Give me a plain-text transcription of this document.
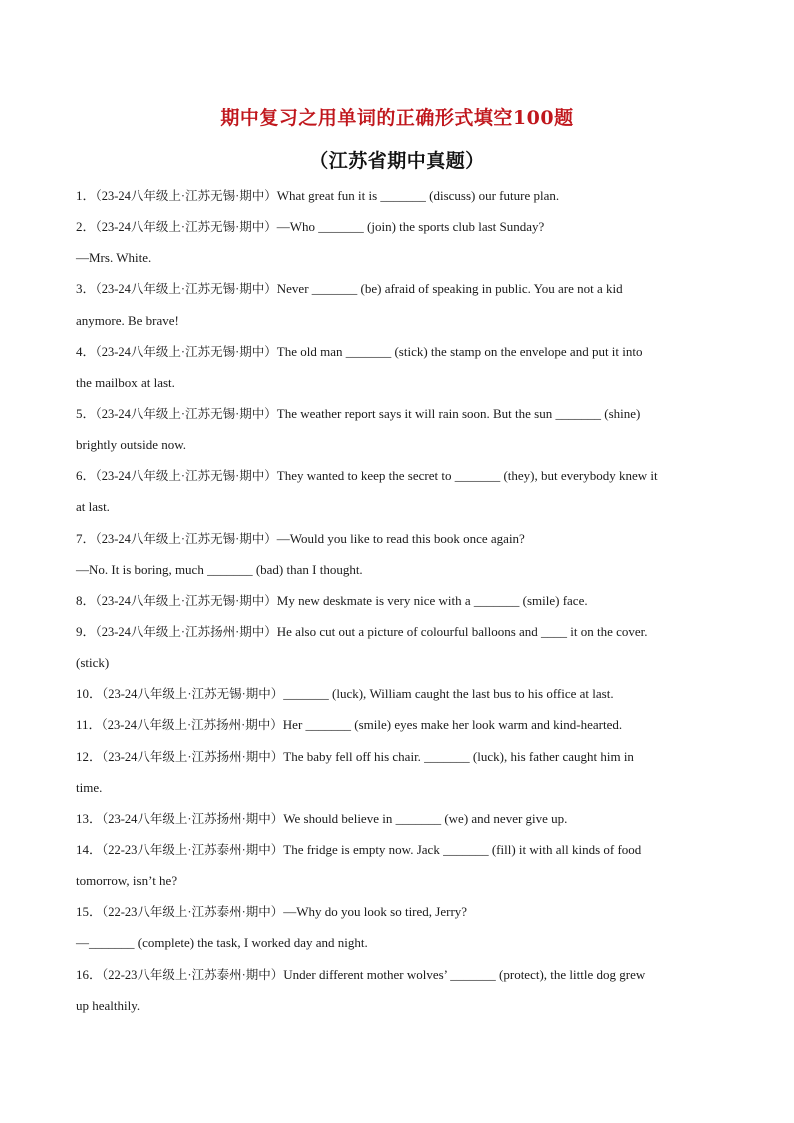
期中复习之用单词的正确形式填空100题
（江苏省期中真题）
1．（23-24八年级上·江苏无锡·期中）What great fun it is _______ (discuss) our future plan.
2．（23-24八年级上·江苏无锡·期中）—Who _______ (join) the sports club last Sunday?
—Mrs. White.
3．（23-24八年级上·江苏无锡·期中）Never _______ (be) afraid of speaking in public. You are not a kid
anymore. Be brave!
4．（23-24八年级上·江苏无锡·期中）The old man _______ (stick) the stamp on the envelope and put it into
the mailbox at last.
5．（23-24八年级上·江苏无锡·期中）The weather report says it will rain soon. But the sun _______ (shine)
brightly outside now.
6．（23-24八年级上·江苏无锡·期中）They wanted to keep the secret to _______ (they), but everybody knew it
at last.
7．（23-24八年级上·江苏无锡·期中）—Would you like to read this book once again?
—No. It is boring, much _______ (bad) than I thought.
8．（23-24八年级上·江苏无锡·期中）My new deskmate is very nice with a _______ (smile) face.
9．（23-24八年级上·江苏扬州·期中）He also cut out a picture of colourful balloons and ____ it on the cover.
(stick)
10．（23-24八年级上·江苏无锡·期中）_______ (luck), William caught the last bus to his office at last.
11．（23-24八年级上·江苏扬州·期中）Her _______ (smile) eyes make her look warm and kind-hearted.
12．（23-24八年级上·江苏扬州·期中）The baby fell off his chair. _______ (luck), his father caught him in
time.
13．（23-24八年级上·江苏扬州·期中）We should believe in _______ (we) and never give up.
14．（22-23八年级上·江苏泰州·期中）The fridge is empty now. Jack _______ (fill) it with all kinds of food
tomorrow, isn’t he?
15．（22-23八年级上·江苏泰州·期中）—Why do you look so tired, Jerry?
—_______ (complete) the task, I worked day and night.
16．（22-23八年级上·江苏泰州·期中）Under different mother wolves’ _______ (protect), the little dog grew
up healthily.
